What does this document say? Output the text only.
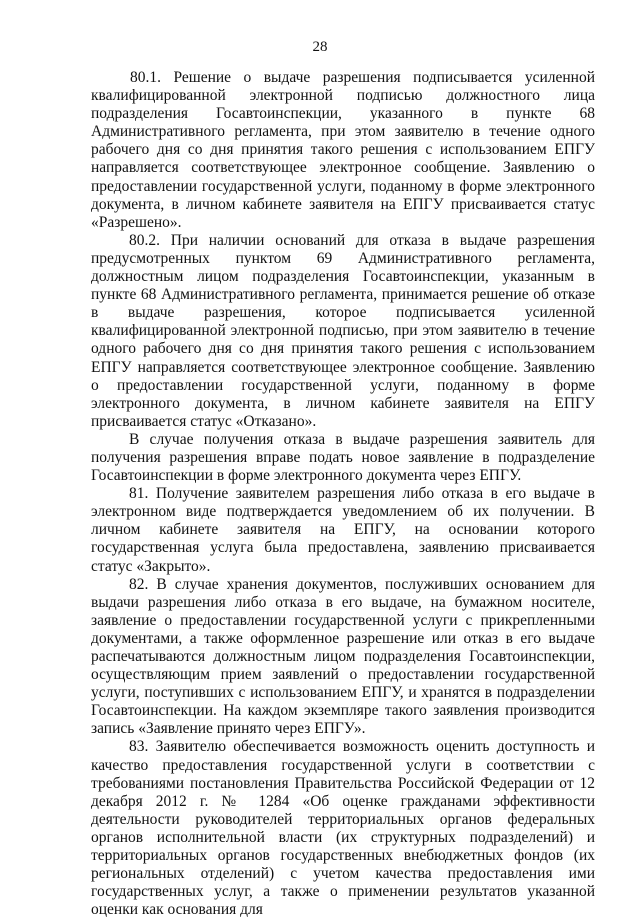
28

80.1. Решение о выдаче разрешения подписывается усиленной квалифицированной электронной подписью должностного лица подразделения Госавтоинспекции, указанного в пункте 68 Административного регламента, при этом заявителю в течение одного рабочего дня со дня принятия такого решения с использованием ЕПГУ направляется соответствующее электронное сообщение. Заявлению о предоставлении государственной услуги, поданному в форме электронного документа, в личном кабинете заявителя на ЕПГУ присваивается статус «Разрешено».

80.2. При наличии оснований для отказа в выдаче разрешения предусмотренных пунктом 69 Административного регламента, должностным лицом подразделения Госавтоинспекции, указанным в пункте 68 Административного регламента, принимается решение об отказе в выдаче разрешения, которое подписывается усиленной квалифицированной электронной подписью, при этом заявителю в течение одного рабочего дня со дня принятия такого решения с использованием ЕПГУ направляется соответствующее электронное сообщение. Заявлению о предоставлении государственной услуги, поданному в форме электронного документа, в личном кабинете заявителя на ЕПГУ присваивается статус «Отказано».

В случае получения отказа в выдаче разрешения заявитель для получения разрешения вправе подать новое заявление в подразделение Госавтоинспекции в форме электронного документа через ЕПГУ.

81. Получение заявителем разрешения либо отказа в его выдаче в электронном виде подтверждается уведомлением об их получении. В личном кабинете заявителя на ЕПГУ, на основании которого государственная услуга была предоставлена, заявлению присваивается статус «Закрыто».

82. В случае хранения документов, послуживших основанием для выдачи разрешения либо отказа в его выдаче, на бумажном носителе, заявление о предоставлении государственной услуги с прикрепленными документами, а также оформленное разрешение или отказ в его выдаче распечатываются должностным лицом подразделения Госавтоинспекции, осуществляющим прием заявлений о предоставлении государственной услуги, поступивших с использованием ЕПГУ, и хранятся в подразделении Госавтоинспекции. На каждом экземпляре такого заявления производится запись «Заявление принято через ЕПГУ».

83. Заявителю обеспечивается возможность оценить доступность и качество предоставления государственной услуги в соответствии с требованиями постановления Правительства Российской Федерации от 12 декабря 2012 г. № 1284 «Об оценке гражданами эффективности деятельности руководителей территориальных органов федеральных органов исполнительной власти (их структурных подразделений) и территориальных органов государственных внебюджетных фондов (их региональных отделений) с учетом качества предоставления ими государственных услуг, а также о применении результатов указанной оценки как основания для
